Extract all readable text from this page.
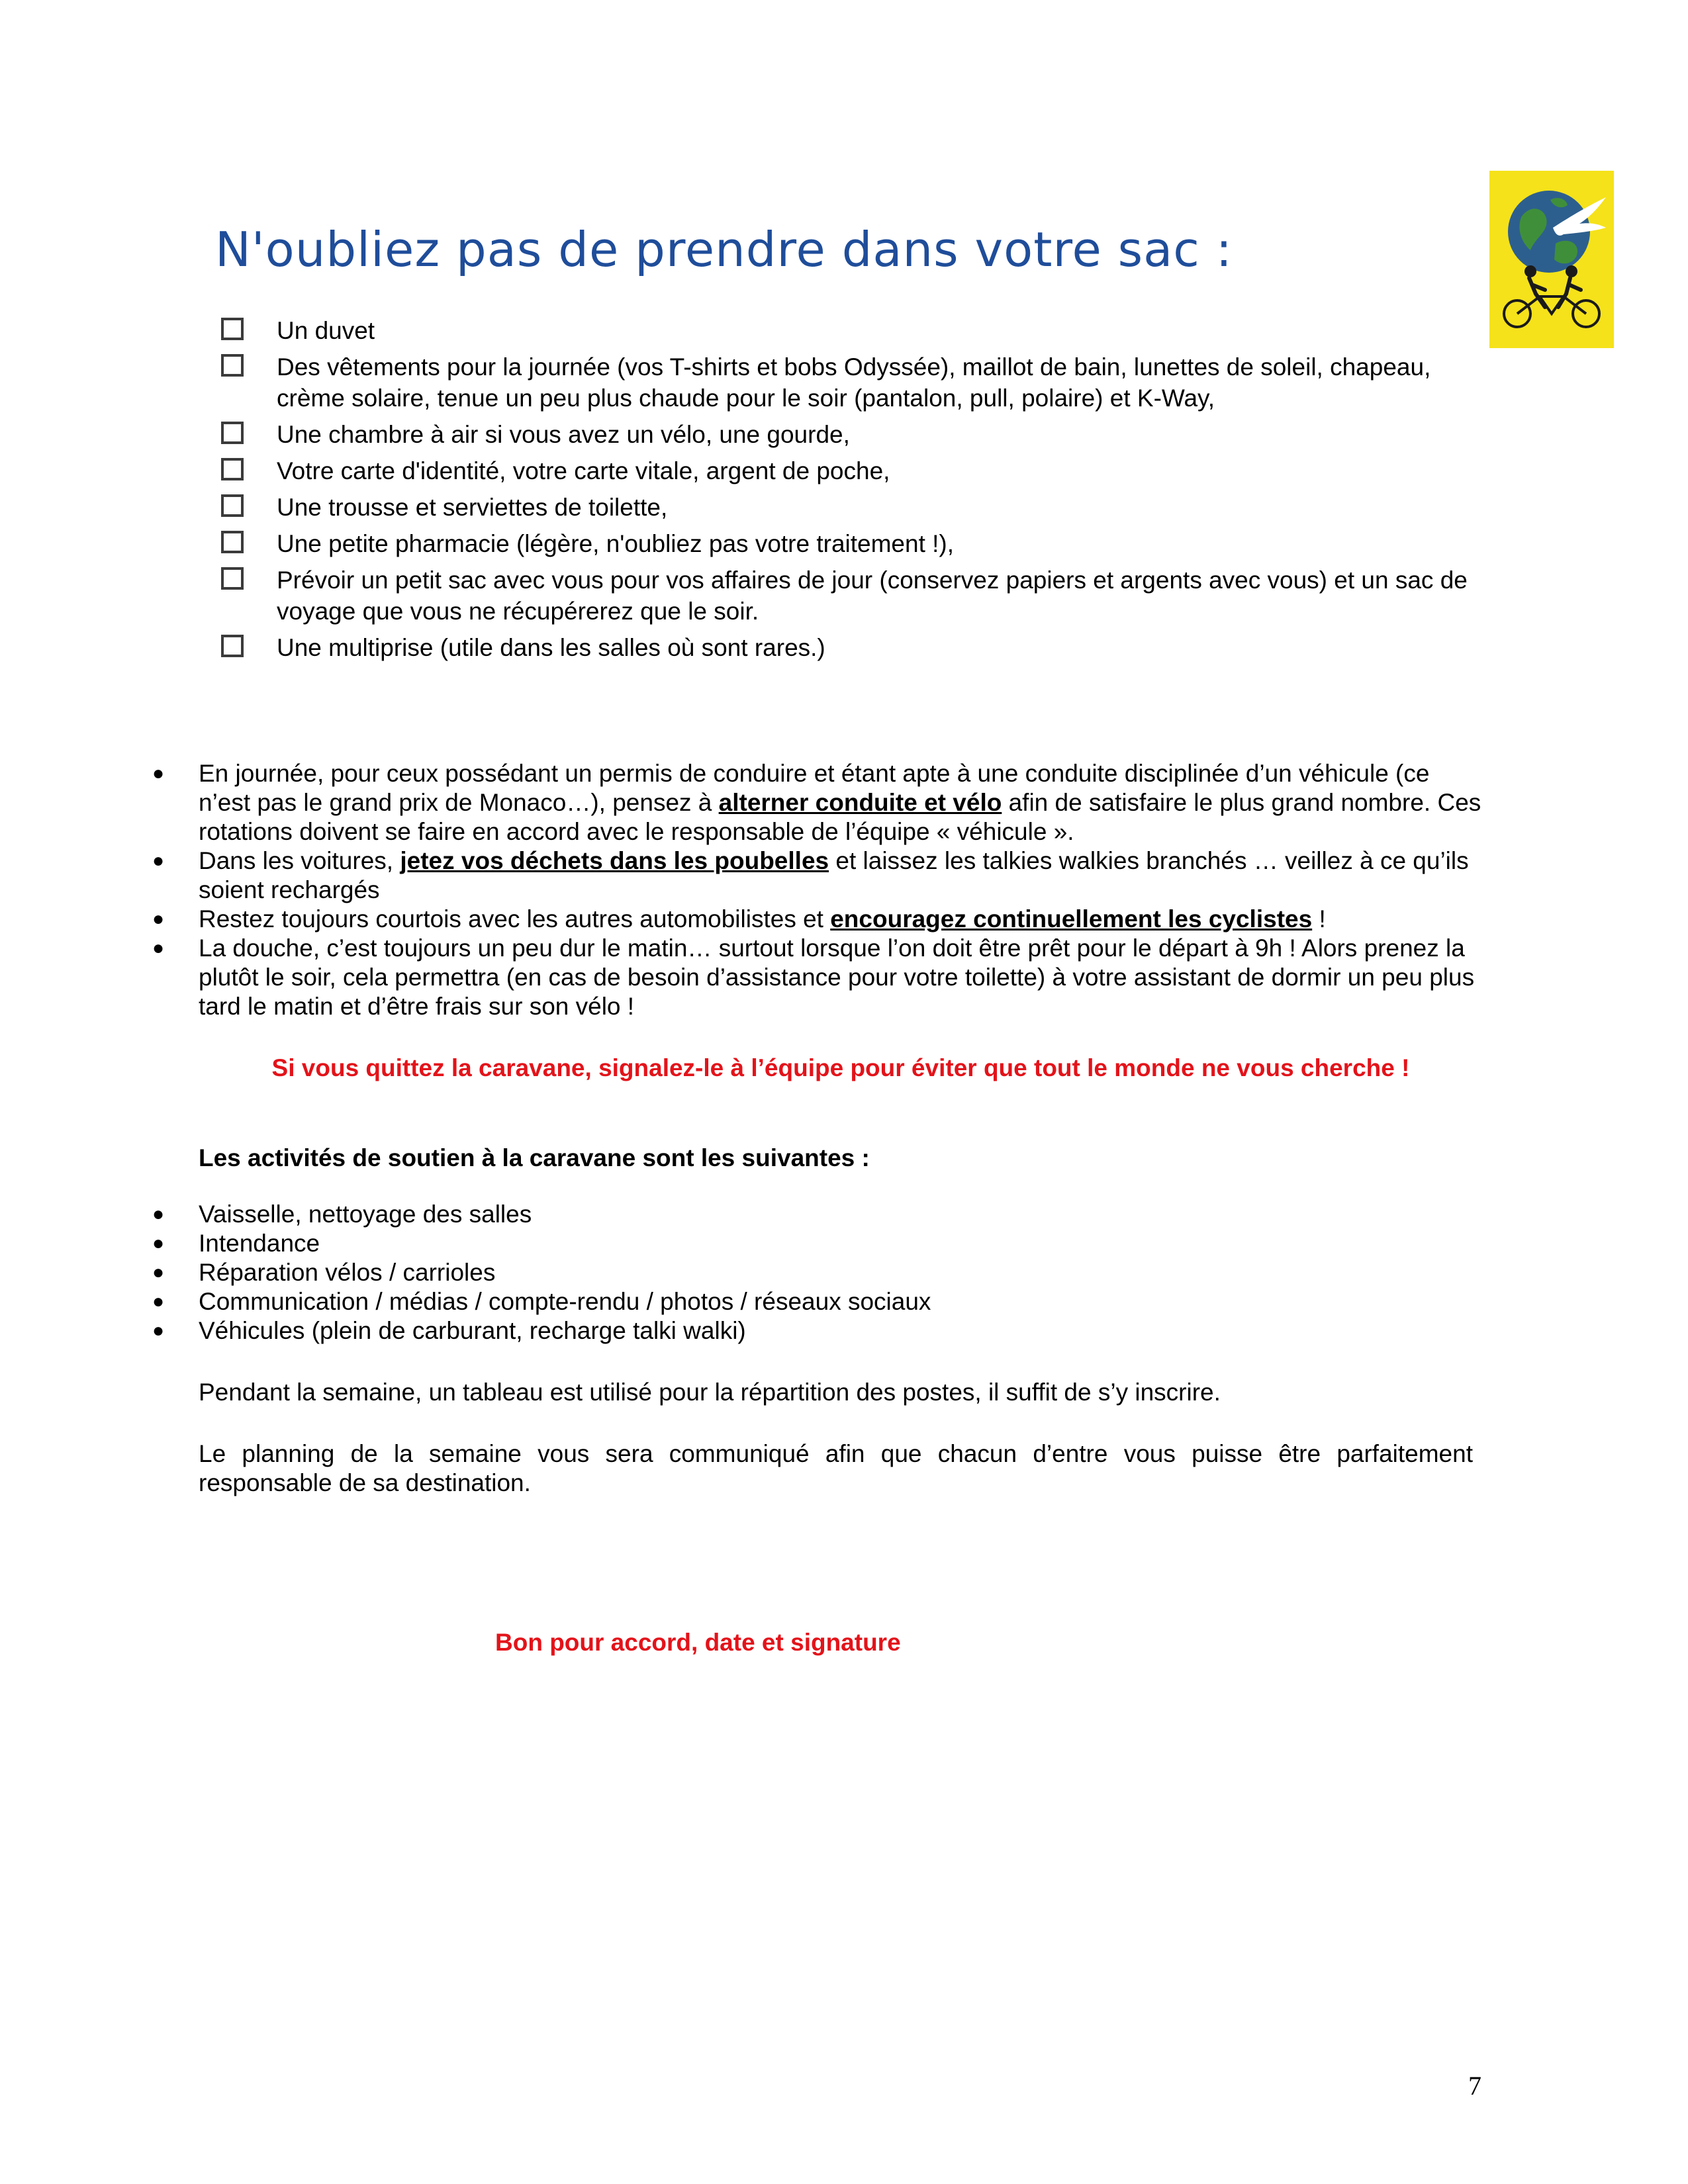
N'oubliez pas de prendre dans votre sac :
Un duvet
Des vêtements pour la journée (vos T-shirts et bobs Odyssée), maillot de bain, lunettes de soleil, chapeau, crème solaire, tenue un peu plus chaude pour le soir (pantalon, pull, polaire) et K-Way,
Une chambre à air si vous avez un vélo, une gourde,
Votre carte d'identité, votre carte vitale, argent de poche,
Une trousse et serviettes de toilette,
Une petite pharmacie (légère, n'oubliez pas votre traitement !),
Prévoir un petit sac avec vous pour vos affaires de jour (conservez papiers et argents avec vous) et un sac de voyage que vous ne récupérerez que le soir.
Une multiprise (utile dans les salles où sont rares.)
●	En journée, pour ceux possédant un permis de conduire et étant apte à une conduite disciplinée d’un véhicule (ce n’est pas le grand prix de Monaco…), pensez à alterner conduite et vélo afin de satisfaire le plus grand nombre. Ces rotations doivent se faire en accord avec le responsable de l’équipe « véhicule ».
●	Dans les voitures, jetez vos déchets dans les poubelles et laissez les talkies walkies branchés … veillez à ce qu’ils soient rechargés
●	Restez toujours courtois avec les autres automobilistes et encouragez continuellement les cyclistes !
●	La douche, c’est toujours un peu dur le matin… surtout lorsque l’on doit être prêt pour le départ à 9h ! Alors prenez la plutôt le soir, cela permettra (en cas de besoin d’assistance pour votre toilette) à votre assistant de dormir un peu plus tard le matin et d’être frais sur son vélo !

Si vous quittez la caravane, signalez-le à l’équipe pour éviter que tout le monde ne vous cherche !

Les activités de soutien à la caravane sont les suivantes :

●	Vaisselle, nettoyage des salles
●	Intendance
●	Réparation vélos / carrioles
●	Communication / médias / compte-rendu / photos / réseaux sociaux
●	Véhicules (plein de carburant, recharge talki walki)

Pendant la semaine, un tableau est utilisé pour la répartition des postes, il suffit de s’y inscrire.

Le planning de la semaine vous sera communiqué afin que chacun d’entre vous puisse être parfaitement responsable de sa destination.

Bon pour accord, date et signature

7
